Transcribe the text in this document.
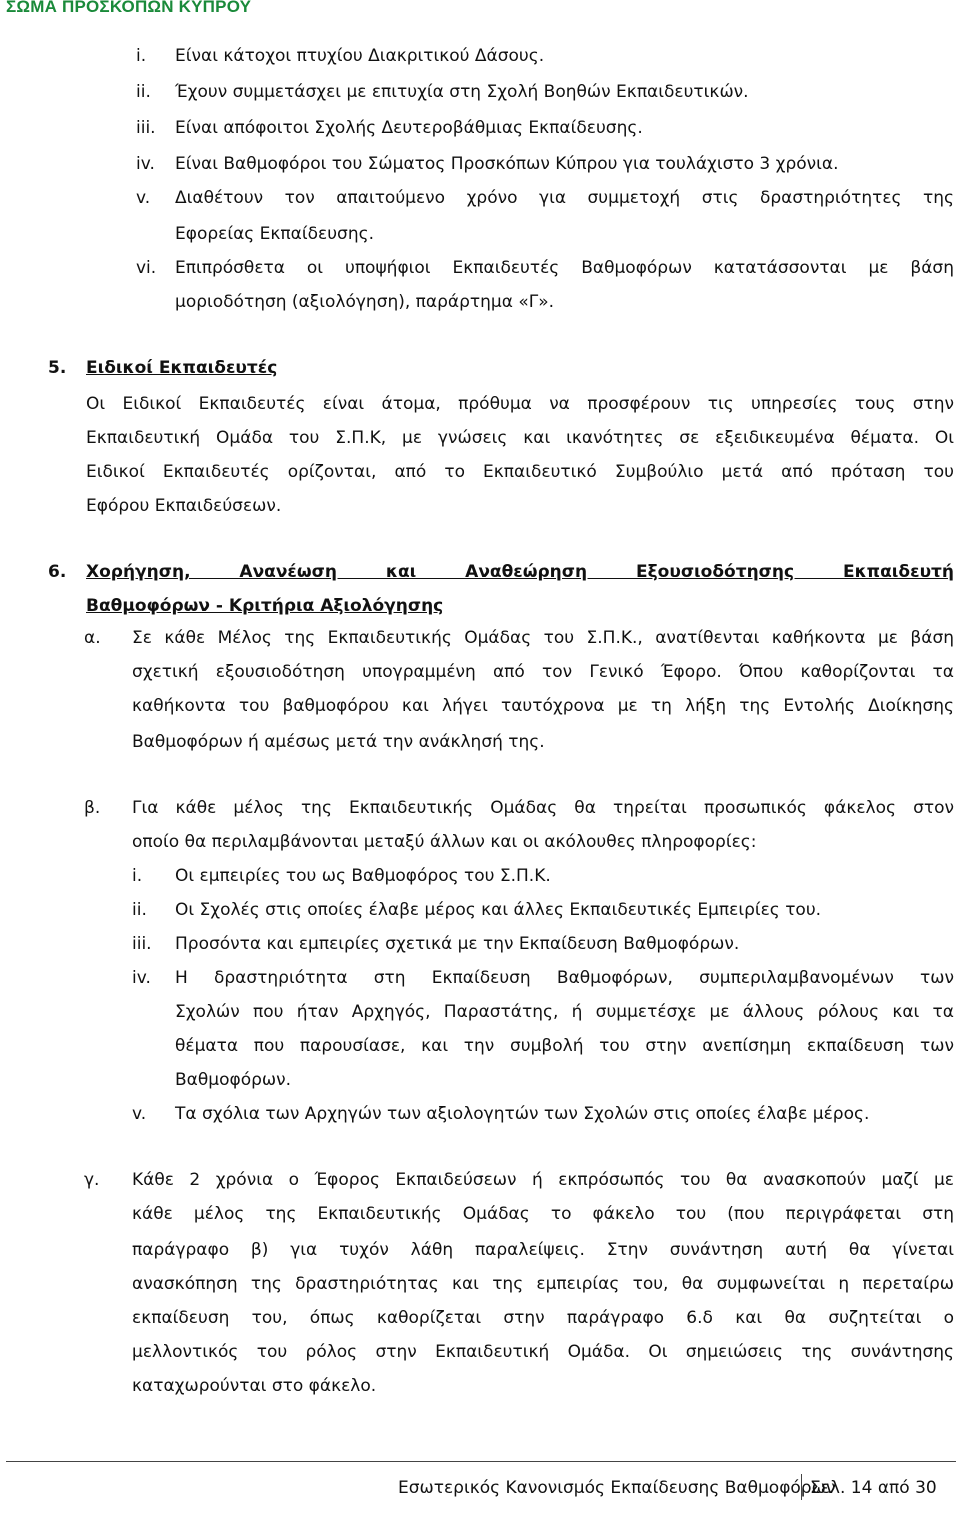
ΣΩΜΑ ΠΡΟΣΚΟΠΩΝ ΚΥΠΡΟΥ
i. Είναι κάτοχοι πτυχίου Διακριτικού Δάσους.
ii. Έχουν συμμετάσχει με επιτυχία στη Σχολή Βοηθών Εκπαιδευτικών.
iii. Είναι απόφοιτοι Σχολής Δευτεροβάθμιας Εκπαίδευσης.
iv. Είναι Βαθμοφόροι του Σώματος Προσκόπων Κύπρου για τουλάχιστο 3 χρόνια.
v. Διαθέτουν τον απαιτούμενο χρόνο για συμμετοχή στις δραστηριότητες της
Εφορείας Εκπαίδευσης.
vi. Επιπρόσθετα οι υποψήφιοι Εκπαιδευτές Βαθμοφόρων κατατάσσονται με βάση
μοριοδότηση (αξιολόγηση), παράρτημα «Γ».
5. Ειδικοί Εκπαιδευτές
Οι Ειδικοί Εκπαιδευτές είναι άτομα, πρόθυμα να προσφέρουν τις υπηρεσίες τους στην
Εκπαιδευτική Ομάδα του Σ.Π.Κ, με γνώσεις και ικανότητες σε εξειδικευμένα θέματα. Οι
Ειδικοί Εκπαιδευτές ορίζονται, από το Εκπαιδευτικό Συμβούλιο μετά από πρόταση του
Εφόρου Εκπαιδεύσεων.
6. Χορήγηση, Ανανέωση και Αναθεώρηση Εξουσιοδότησης Εκπαιδευτή
Βαθμοφόρων - Κριτήρια Αξιολόγησης
α. Σε κάθε Μέλος της Εκπαιδευτικής Ομάδας του Σ.Π.Κ., ανατίθενται καθήκοντα με βάση
σχετική εξουσιοδότηση υπογραμμένη από τον Γενικό Έφορο. Όπου καθορίζονται τα
καθήκοντα του βαθμοφόρου και λήγει ταυτόχρονα με τη λήξη της Εντολής Διοίκησης
Βαθμοφόρων ή αμέσως μετά την ανάκλησή της.
β. Για κάθε μέλος της Εκπαιδευτικής Ομάδας θα τηρείται προσωπικός φάκελος στον
οποίο θα περιλαμβάνονται μεταξύ άλλων και οι ακόλουθες πληροφορίες:
i. Οι εμπειρίες του ως Βαθμοφόρος του Σ.Π.Κ.
ii. Οι Σχολές στις οποίες έλαβε μέρος και άλλες Εκπαιδευτικές Εμπειρίες του.
iii. Προσόντα και εμπειρίες σχετικά με την Εκπαίδευση Βαθμοφόρων.
iv. Η δραστηριότητα στη Εκπαίδευση Βαθμοφόρων, συμπεριλαμβανομένων των
Σχολών που ήταν Αρχηγός, Παραστάτης, ή συμμετέσχε με άλλους ρόλους και τα
θέματα που παρουσίασε, και την συμβολή του στην ανεπίσημη εκπαίδευση των
Βαθμοφόρων.
v. Τα σχόλια των Αρχηγών των αξιολογητών των Σχολών στις οποίες έλαβε μέρος.
γ. Κάθε 2 χρόνια ο Έφορος Εκπαιδεύσεων ή εκπρόσωπός του θα ανασκοπούν μαζί με
κάθε μέλος της Εκπαιδευτικής Ομάδας το φάκελο του (που περιγράφεται στη
παράγραφο β) για τυχόν λάθη παραλείψεις. Στην συνάντηση αυτή θα γίνεται
ανασκόπηση της δραστηριότητας και της εμπειρίας του, θα συμφωνείται η περεταίρω
εκπαίδευση του, όπως καθορίζεται στην παράγραφο 6.δ και θα συζητείται ο
μελλοντικός του ρόλος στην Εκπαιδευτική Ομάδα. Οι σημειώσεις της συνάντησης
καταχωρούνται στο φάκελο.
Εσωτερικός Κανονισμός Εκπαίδευσης Βαθμοφόρων
Σελ. 14 από 30
